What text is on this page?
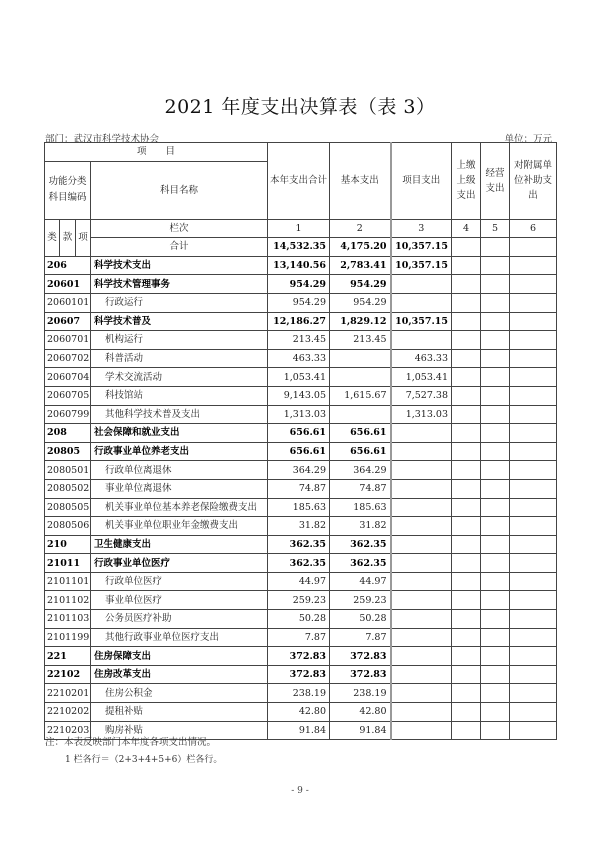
2021 年度支出决算表（表 3）
部门：武汉市科学技术协会	单位：万元
项　　目				本年支出合计	基本支出	项目支出	上缴上级支出	经营支出	对附属单位补助支出
功能分类科目编码			科目名称						
类	款	项	栏次	1	2	3	4	5	6
			合计	14,532.35	4,175.20	10,357.15			
206			科学技术支出	13,140.56	2,783.41	10,357.15			
20601			科学技术管理事务	954.29	954.29				
2060101			行政运行	954.29	954.29				
20607			科学技术普及	12,186.27	1,829.12	10,357.15			
2060701			机构运行	213.45	213.45				
2060702			科普活动	463.33		463.33			
2060704			学术交流活动	1,053.41		1,053.41			
2060705			科技馆站	9,143.05	1,615.67	7,527.38			
2060799			其他科学技术普及支出	1,313.03		1,313.03			
208			社会保障和就业支出	656.61	656.61				
20805			行政事业单位养老支出	656.61	656.61				
2080501			行政单位离退休	364.29	364.29				
2080502			事业单位离退休	74.87	74.87				
2080505			机关事业单位基本养老保险缴费支出	185.63	185.63				
2080506			机关事业单位职业年金缴费支出	31.82	31.82				
210			卫生健康支出	362.35	362.35				
21011			行政事业单位医疗	362.35	362.35				
2101101			行政单位医疗	44.97	44.97				
2101102			事业单位医疗	259.23	259.23				
2101103			公务员医疗补助	50.28	50.28				
2101199			其他行政事业单位医疗支出	7.87	7.87				
221			住房保障支出	372.83	372.83				
22102			住房改革支出	372.83	372.83				
2210201			住房公积金	238.19	238.19				
2210202			提租补贴	42.80	42.80				
2210203			购房补贴	91.84	91.84				
注：本表反映部门本年度各项支出情况。
1 栏各行＝（2+3+4+5+6）栏各行。
- 9 -
